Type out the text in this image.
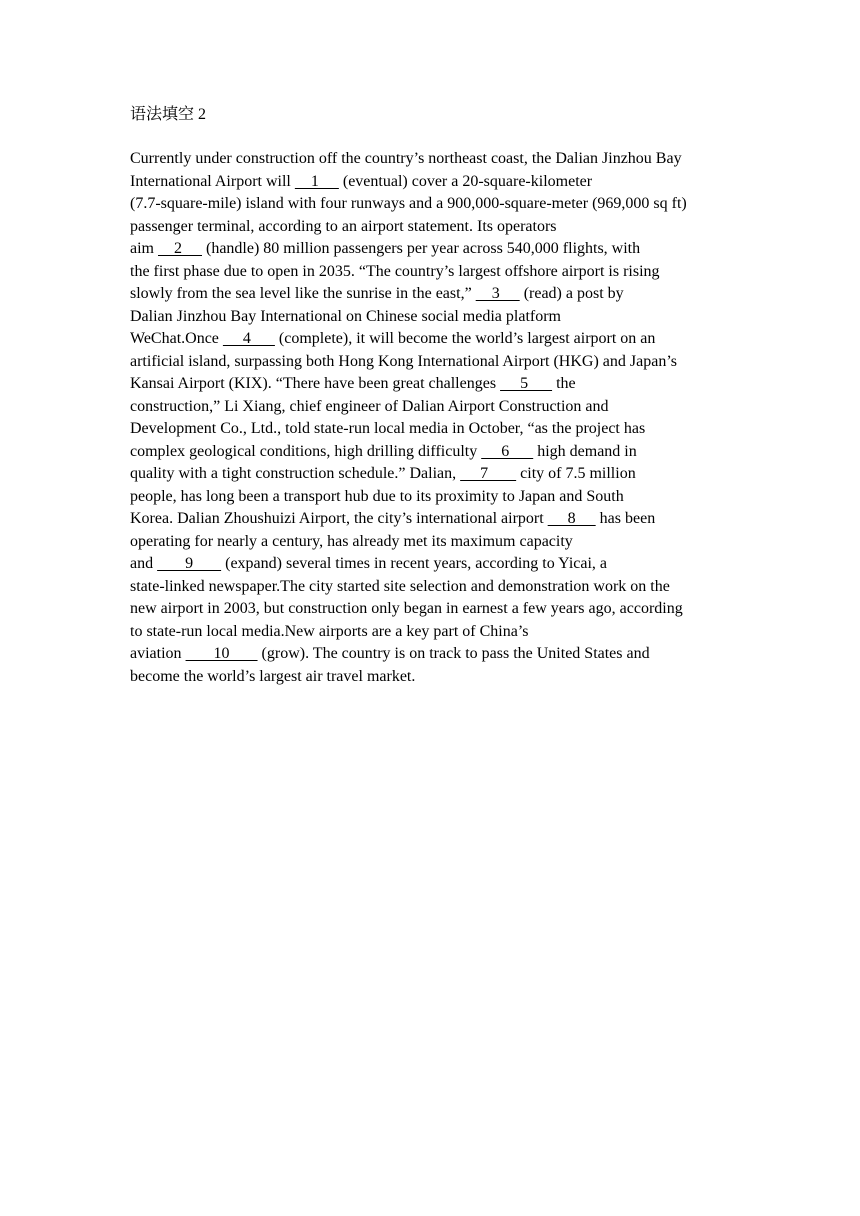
语法填空 2
Currently under construction off the country’s northeast coast, the Dalian Jinzhou Bay
International Airport will     1      (eventual) cover a 20-square-kilometer
(7.7-square-mile) island with four runways and a 900,000-square-meter (969,000 sq ft)
passenger terminal, according to an airport statement. Its operators
aim     2      (handle) 80 million passengers per year across 540,000 flights, with
the first phase due to open in 2035. “The country’s largest offshore airport is rising
slowly from the sea level like the sunrise in the east,”     3      (read) a post by
Dalian Jinzhou Bay International on Chinese social media platform
WeChat.Once      4       (complete), it will become the world’s largest airport on an
artificial island, surpassing both Hong Kong International Airport (HKG) and Japan’s
Kansai Airport (KIX). “There have been great challenges      5       the
construction,” Li Xiang, chief engineer of Dalian Airport Construction and
Development Co., Ltd., told state-run local media in October, “as the project has
complex geological conditions, high drilling difficulty      6       high demand in
quality with a tight construction schedule.” Dalian,      7        city of 7.5 million
people, has long been a transport hub due to its proximity to Japan and South
Korea. Dalian Zhoushuizi Airport, the city’s international airport      8      has been
operating for nearly a century, has already met its maximum capacity
and        9        (expand) several times in recent years, according to Yicai, a
state-linked newspaper.The city started site selection and demonstration work on the
new airport in 2003, but construction only began in earnest a few years ago, according
to state-run local media.New airports are a key part of China’s
aviation        10        (grow). The country is on track to pass the United States and
become the world’s largest air travel market.
